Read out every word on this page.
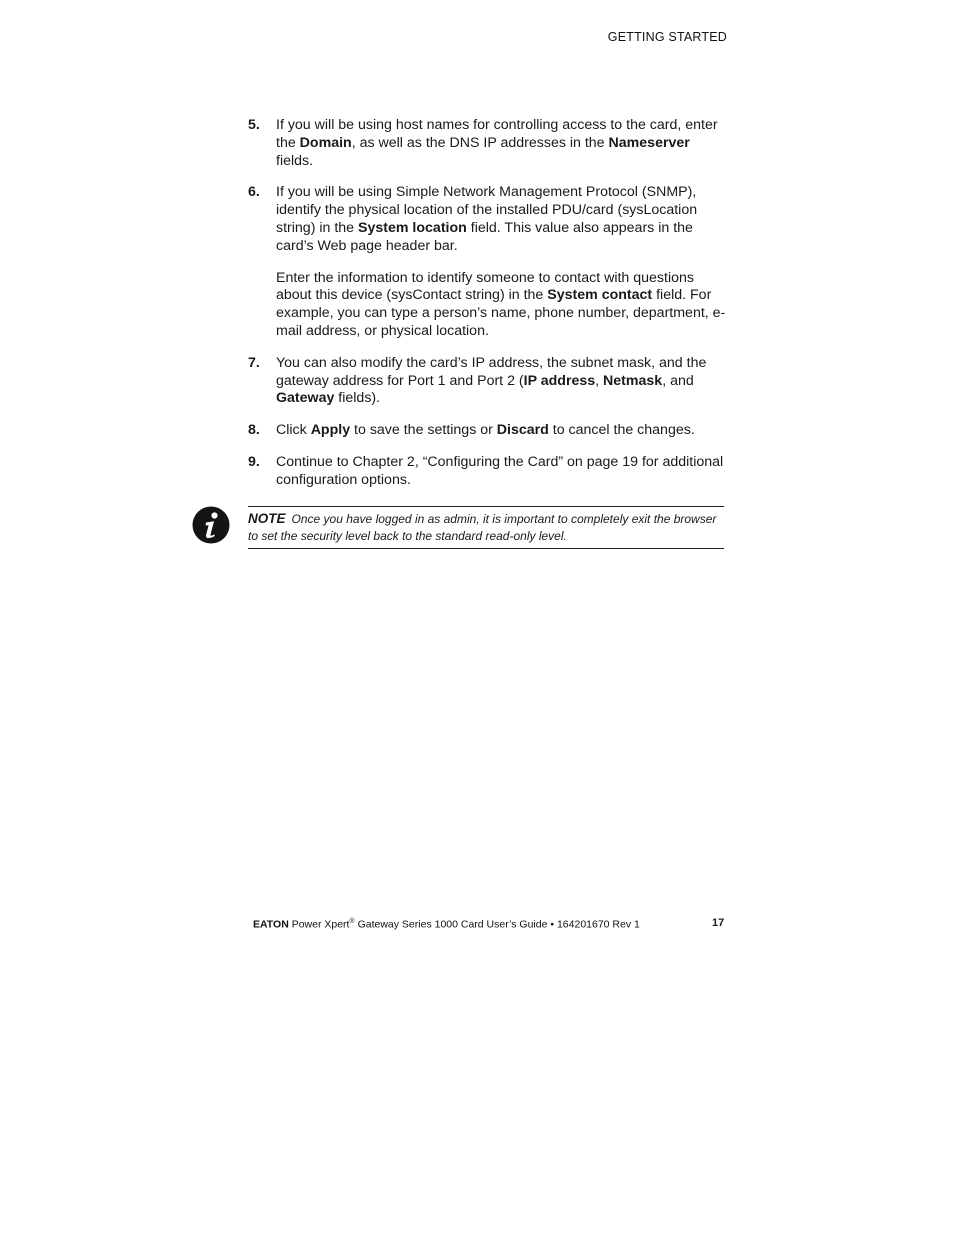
GETTING STARTED
5. If you will be using host names for controlling access to the card, enter the Domain, as well as the DNS IP addresses in the Nameserver fields.
6. If you will be using Simple Network Management Protocol (SNMP), identify the physical location of the installed PDU/card (sysLocation string) in the System location field. This value also appears in the card’s Web page header bar.
Enter the information to identify someone to contact with questions about this device (sysContact string) in the System contact field. For example, you can type a person’s name, phone number, department, e-mail address, or physical location.
7. You can also modify the card’s IP address, the subnet mask, and the gateway address for Port 1 and Port 2 (IP address, Netmask, and Gateway fields).
8. Click Apply to save the settings or Discard to cancel the changes.
9. Continue to Chapter 2, “Configuring the Card” on page 19 for additional configuration options.
NOTE Once you have logged in as admin, it is important to completely exit the browser to set the security level back to the standard read-only level.
EATON Power Xpert® Gateway Series 1000 Card User’s Guide • 164201670 Rev 1	17
